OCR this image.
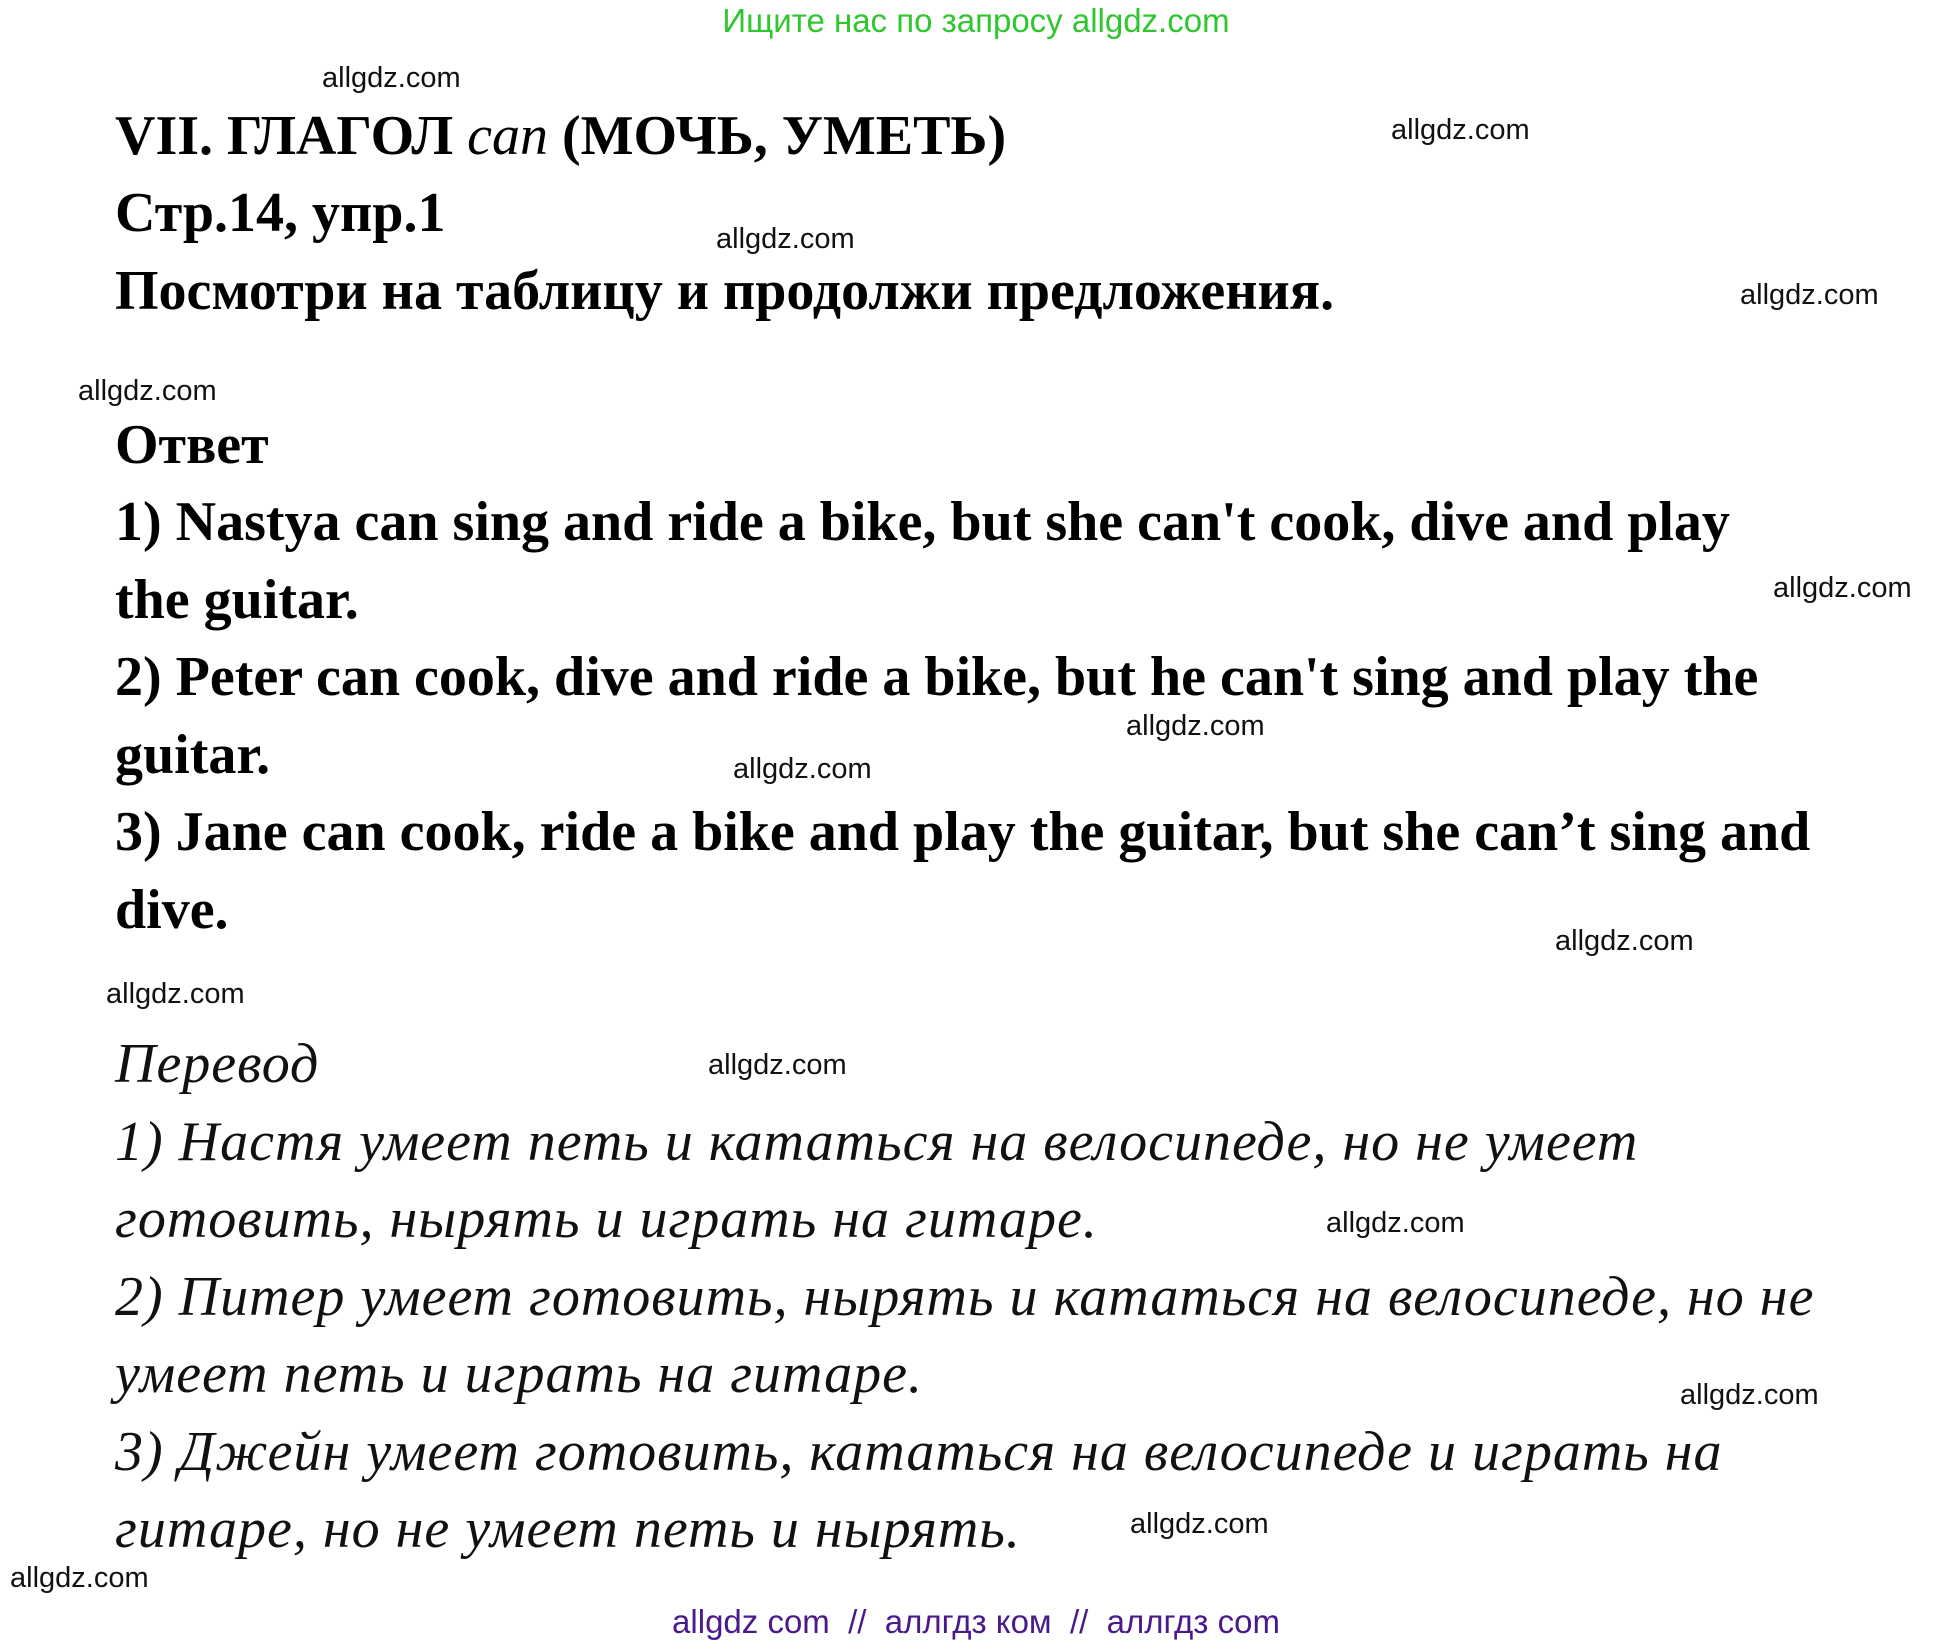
Ищите нас по запросу allgdz.com
VII. ГЛАГОЛ can (МОЧЬ, УМЕТЬ)
Стр.14, упр.1
Посмотри на таблицу и продолжи предложения.
Ответ
1) Nastya can sing and ride a bike, but she can't cook, dive and play
the guitar.
2) Peter can cook, dive and ride a bike, but he can't sing and play the
guitar.
3) Jane can cook, ride a bike and play the guitar, but she can’t sing and
dive.
Перевод
1) Настя умеет петь и кататься на велосипеде, но не умеет
готовить, нырять и играть на гитаре.
2) Питер умеет готовить, нырять и кататься на велосипеде, но не
умеет петь и играть на гитаре.
3) Джейн умеет готовить, кататься на велосипеде и играть на
гитаре, но не умеет петь и нырять.
allgdz.com
allgdz.com
allgdz.com
allgdz.com
allgdz.com
allgdz.com
allgdz.com
allgdz.com
allgdz.com
allgdz.com
allgdz.com
allgdz.com
allgdz.com
allgdz.com
allgdz.com
allgdz com  //  аллгдз ком  //  аллгдз com
